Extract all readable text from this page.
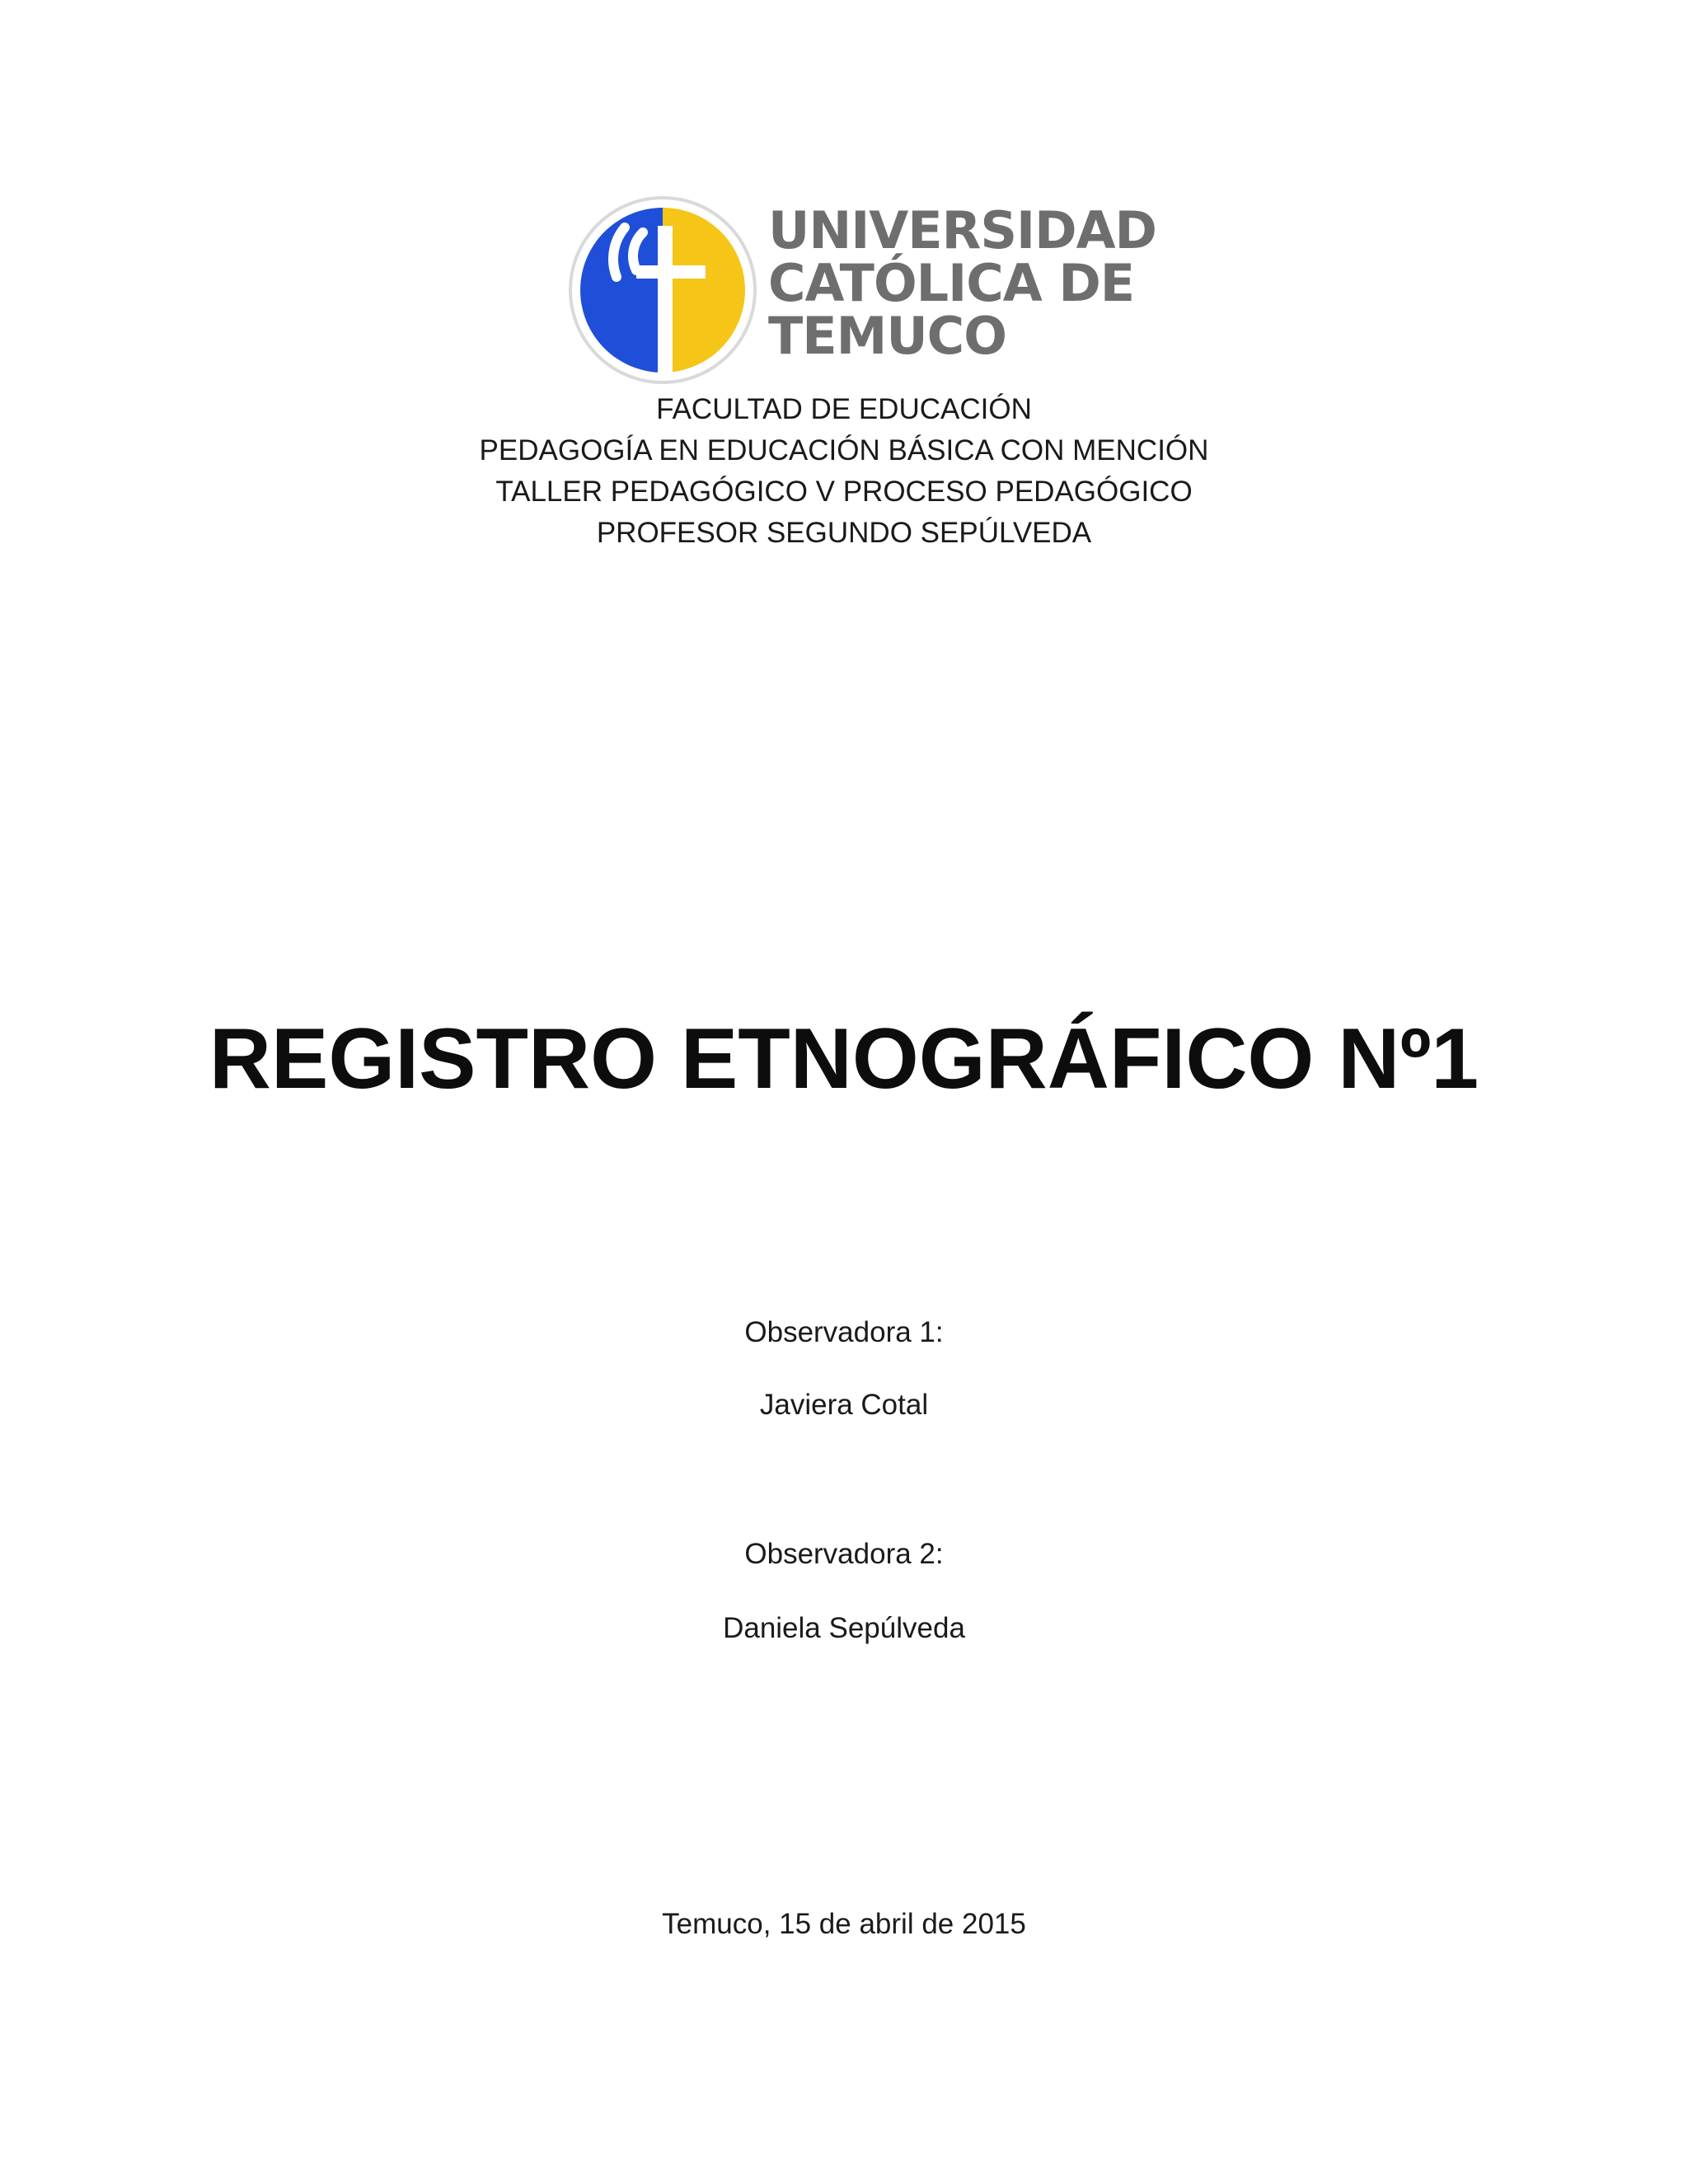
UNIVERSIDAD
CATÓLICA DE
TEMUCO
FACULTAD DE EDUCACIÓN
PEDAGOGÍA EN EDUCACIÓN BÁSICA CON MENCIÓN
TALLER PEDAGÓGICO V PROCESO PEDAGÓGICO
PROFESOR SEGUNDO SEPÚLVEDA
REGISTRO ETNOGRÁFICO Nº1
Observadora 1:
Javiera Cotal
Observadora 2:
Daniela Sepúlveda
Temuco, 15 de abril de 2015
